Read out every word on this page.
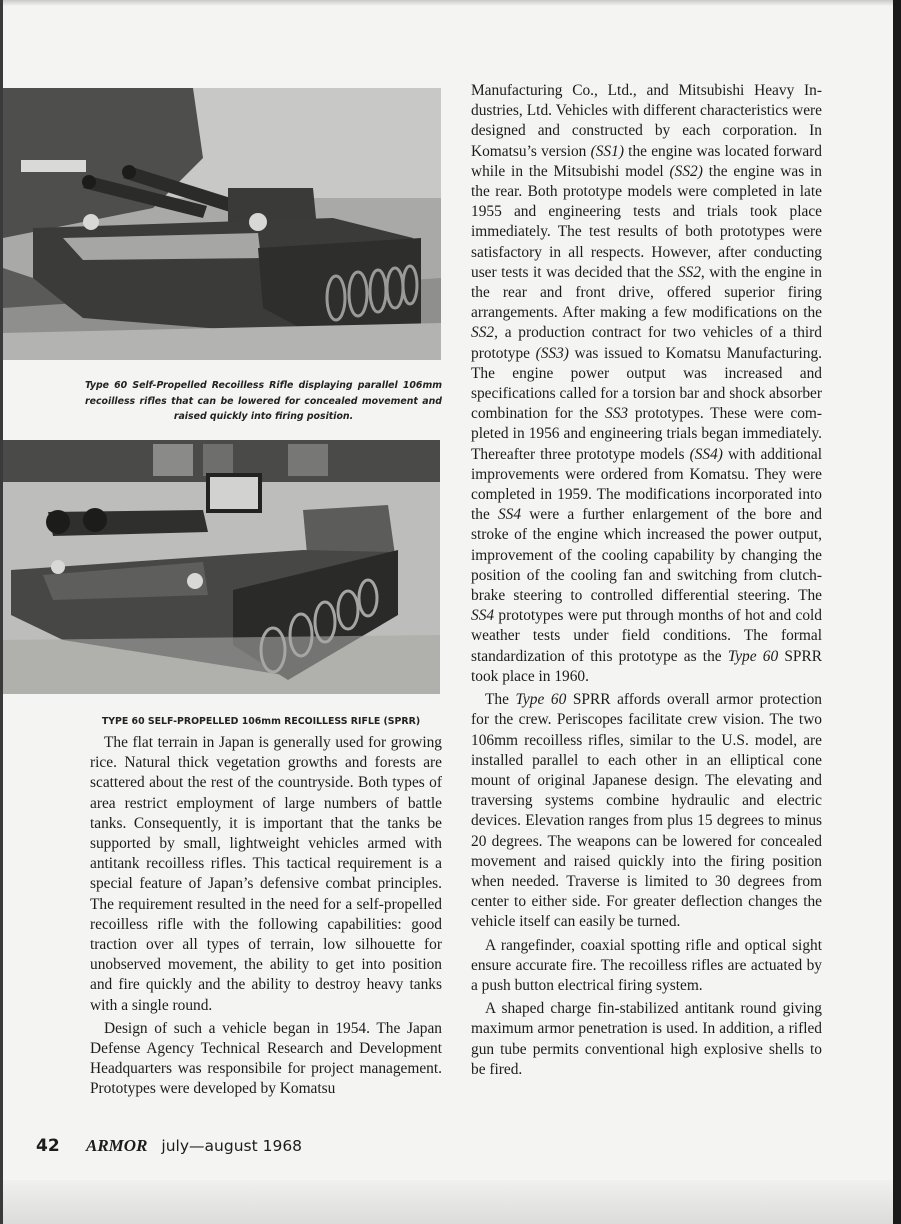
Type 60 Self-Propelled Recoilless Rifle displaying parallel 106mm recoilless rifles that can be lowered for concealed movement and raised quickly into firing position.
TYPE 60 SELF-PROPELLED 106mm RECOILLESS RIFLE (SPRR)

The flat terrain in Japan is generally used for growing rice. Natural thick vegetation growths and forests are scattered about the rest of the countryside. Both types of area restrict employment of large numbers of battle tanks. Consequently, it is important that the tanks be supported by small, lightweight vehicles armed with antitank recoilless rifles. This tactical requirement is a special feature of Japan’s defensive combat principles. The requirement resulted in the need for a self-propelled recoilless rifle with the following capabilities: good traction over all types of terrain, low silhouette for unobserved movement, the ability to get into position and fire quickly and the ability to destroy heavy tanks with a single round.

Design of such a vehicle began in 1954. The Japan Defense Agency Technical Research and Development Headquarters was responsibile for project management. Prototypes were developed by Komatsu

Manufacturing Co., Ltd., and Mitsubishi Heavy Industries, Ltd. Vehicles with different characteristics were designed and constructed by each corporation. In Komatsu’s version (SS1) the engine was located forward while in the Mitsubishi model (SS2) the engine was in the rear. Both prototype models were completed in late 1955 and engineering tests and trials took place immediately. The test results of both prototypes were satisfactory in all respects. However, after conducting user tests it was decided that the SS2, with the engine in the rear and front drive, offered superior firing arrangements. After making a few modifications on the SS2, a production contract for two vehicles of a third prototype (SS3) was issued to Komatsu Manufacturing. The engine power output was increased and specifications called for a torsion bar and shock absorber combination for the SS3 prototypes. These were completed in 1956 and engineering trials began immediately. Thereafter three prototype models (SS4) with additional improvements were ordered from Komatsu. They were completed in 1959. The modifications incorporated into the SS4 were a further enlargement of the bore and stroke of the engine which increased the power output, improvement of the cooling capability by changing the position of the cooling fan and switching from clutch-brake steering to controlled differential steering. The SS4 prototypes were put through months of hot and cold weather tests under field conditions. The formal standardization of this prototype as the Type 60 SPRR took place in 1960.

The Type 60 SPRR affords overall armor protection for the crew. Periscopes facilitate crew vision. The two 106mm recoilless rifles, similar to the U.S. model, are installed parallel to each other in an elliptical cone mount of original Japanese design. The elevating and traversing systems combine hydraulic and electric devices. Elevation ranges from plus 15 degrees to minus 20 degrees. The weapons can be lowered for concealed movement and raised quickly into the firing position when needed. Traverse is limited to 30 degrees from center to either side. For greater deflection changes the vehicle itself can easily be turned.

A rangefinder, coaxial spotting rifle and optical sight ensure accurate fire. The recoilless rifles are actuated by a push button electrical firing system.

A shaped charge fin-stabilized antitank round giving maximum armor penetration is used. In addition, a rifled gun tube permits conventional high explosive shells to be fired.

42 ARMOR july—august 1968
